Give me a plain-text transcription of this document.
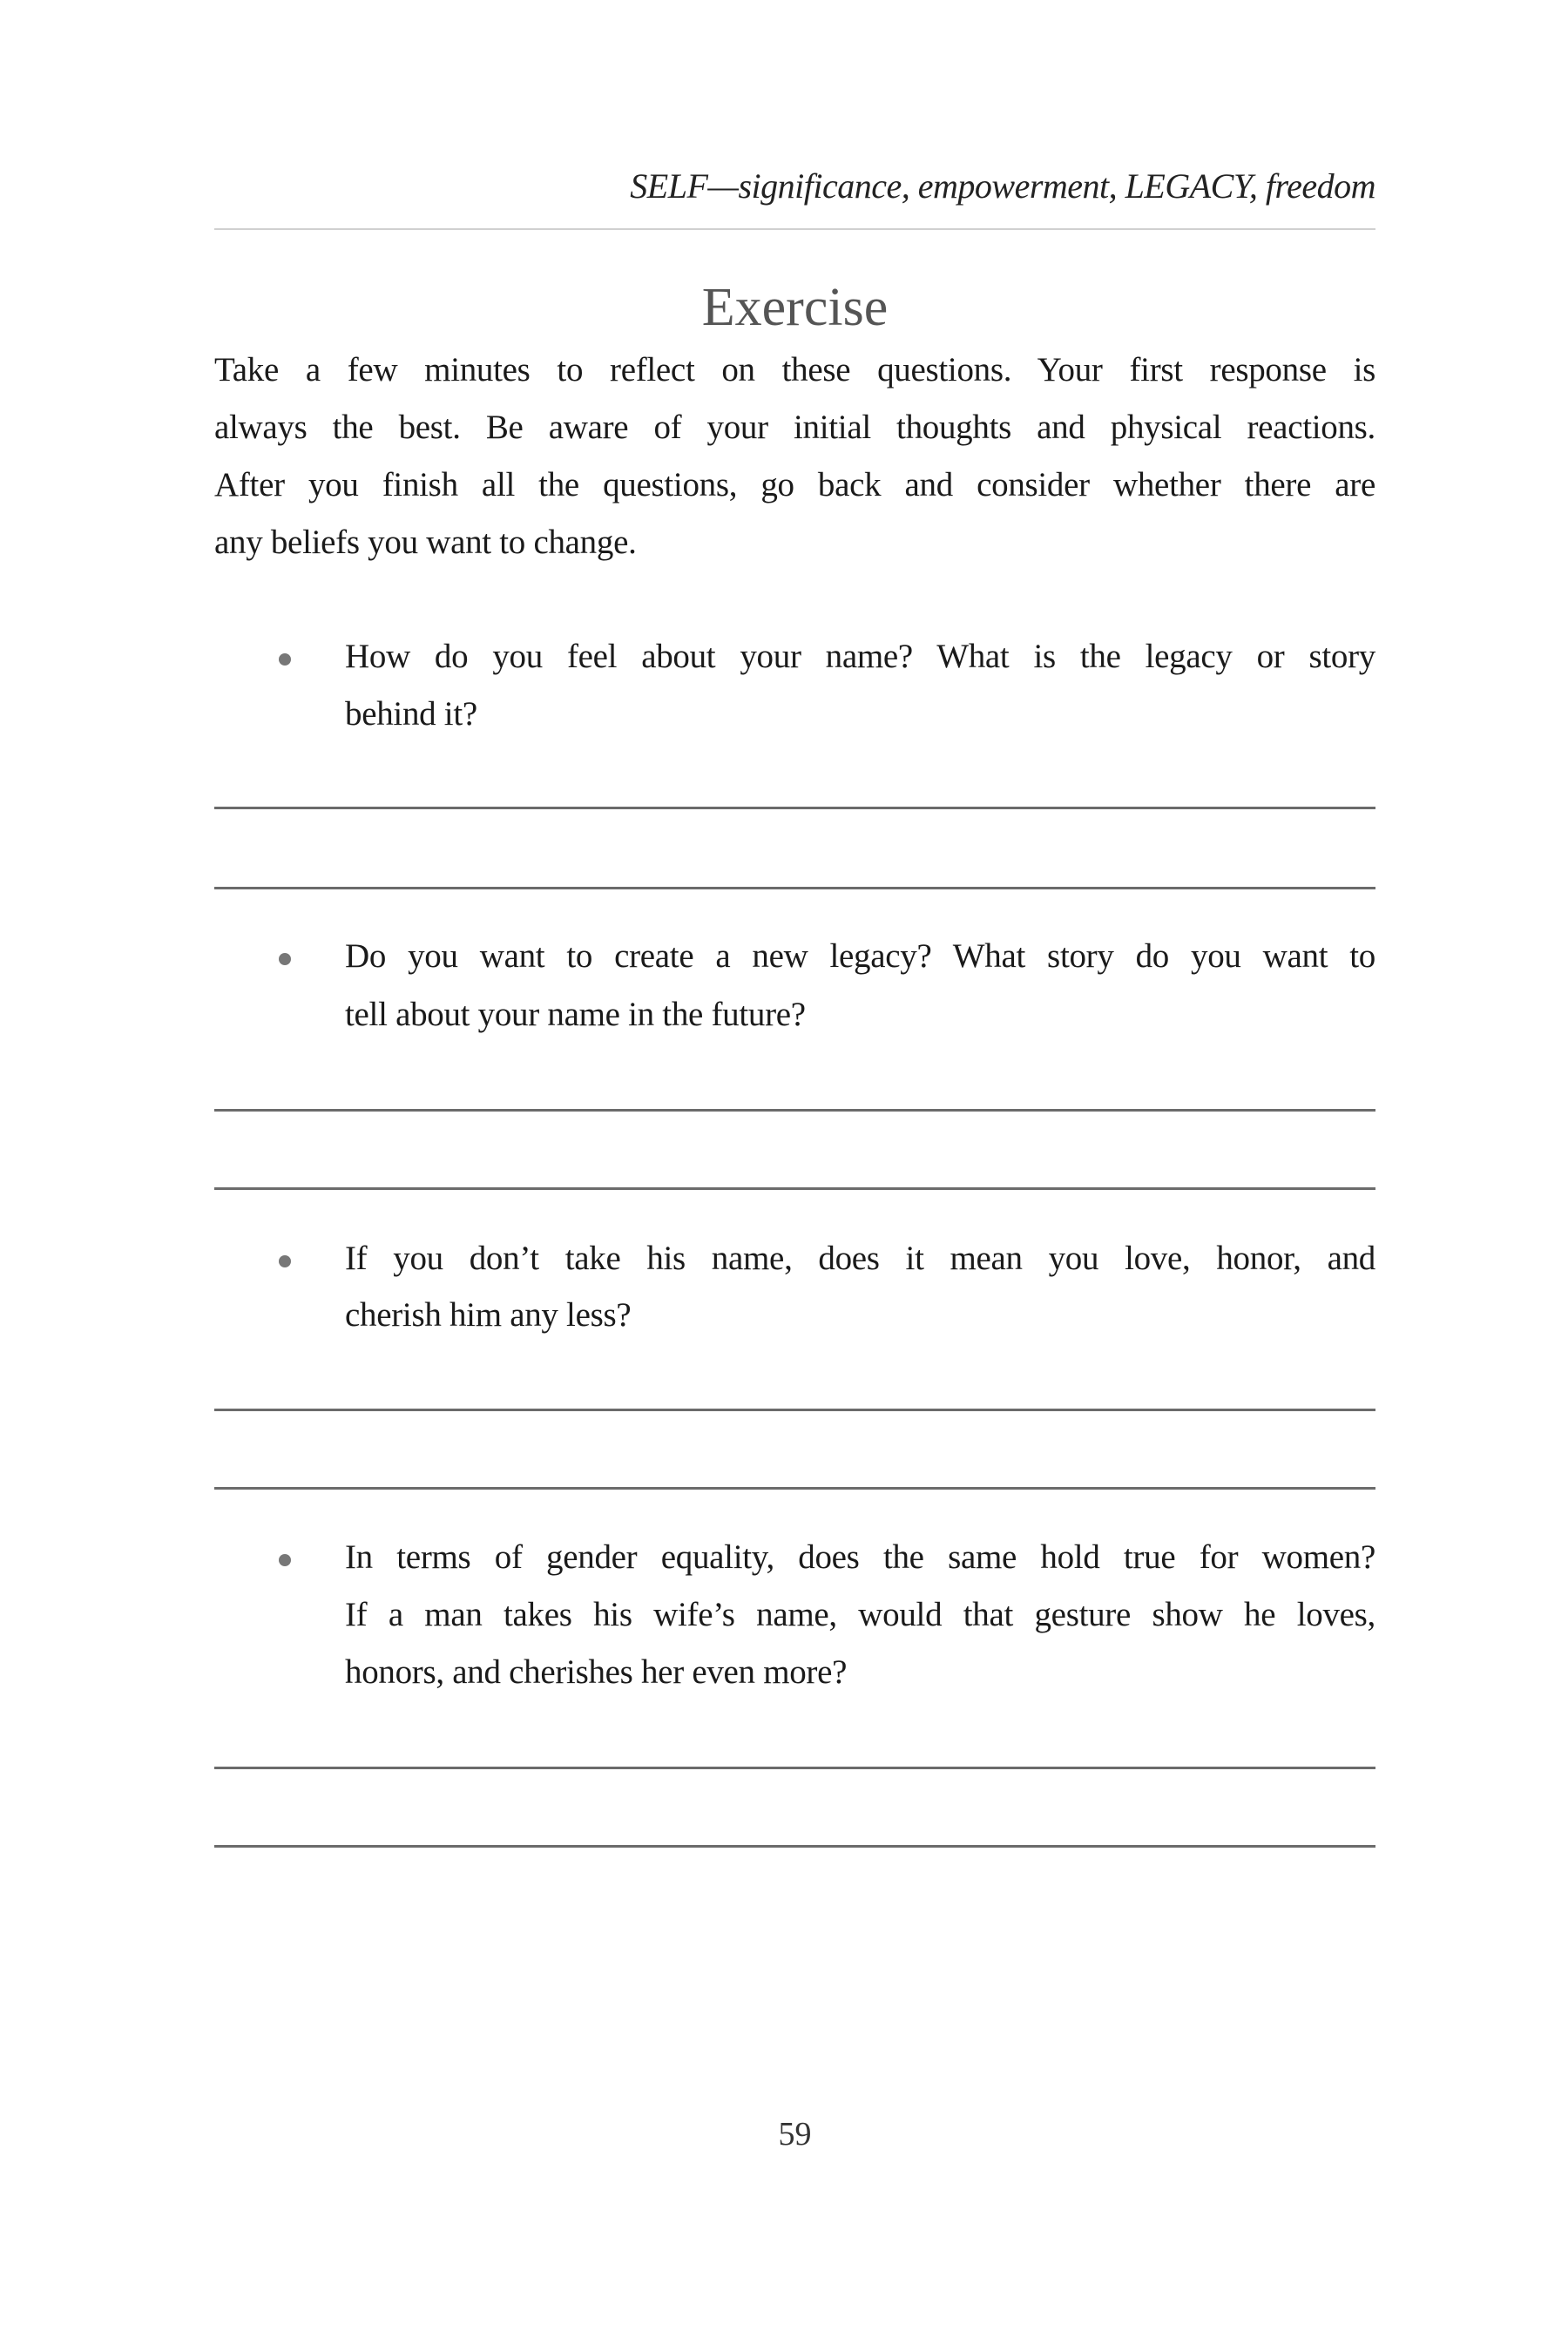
SELF—significance, empowerment, LEGACY, freedom
Exercise
Take a few minutes to reflect on these questions. Your first response is
always the best. Be aware of your initial thoughts and physical reactions.
After you finish all the questions, go back and consider whether there are
any beliefs you want to change.
How do you feel about your name? What is the legacy or story
behind it?
Do you want to create a new legacy? What story do you want to
tell about your name in the future?
If you don’t take his name, does it mean you love, honor, and
cherish him any less?
In terms of gender equality, does the same hold true for women?
If a man takes his wife’s name, would that gesture show he loves,
honors, and cherishes her even more?
59
